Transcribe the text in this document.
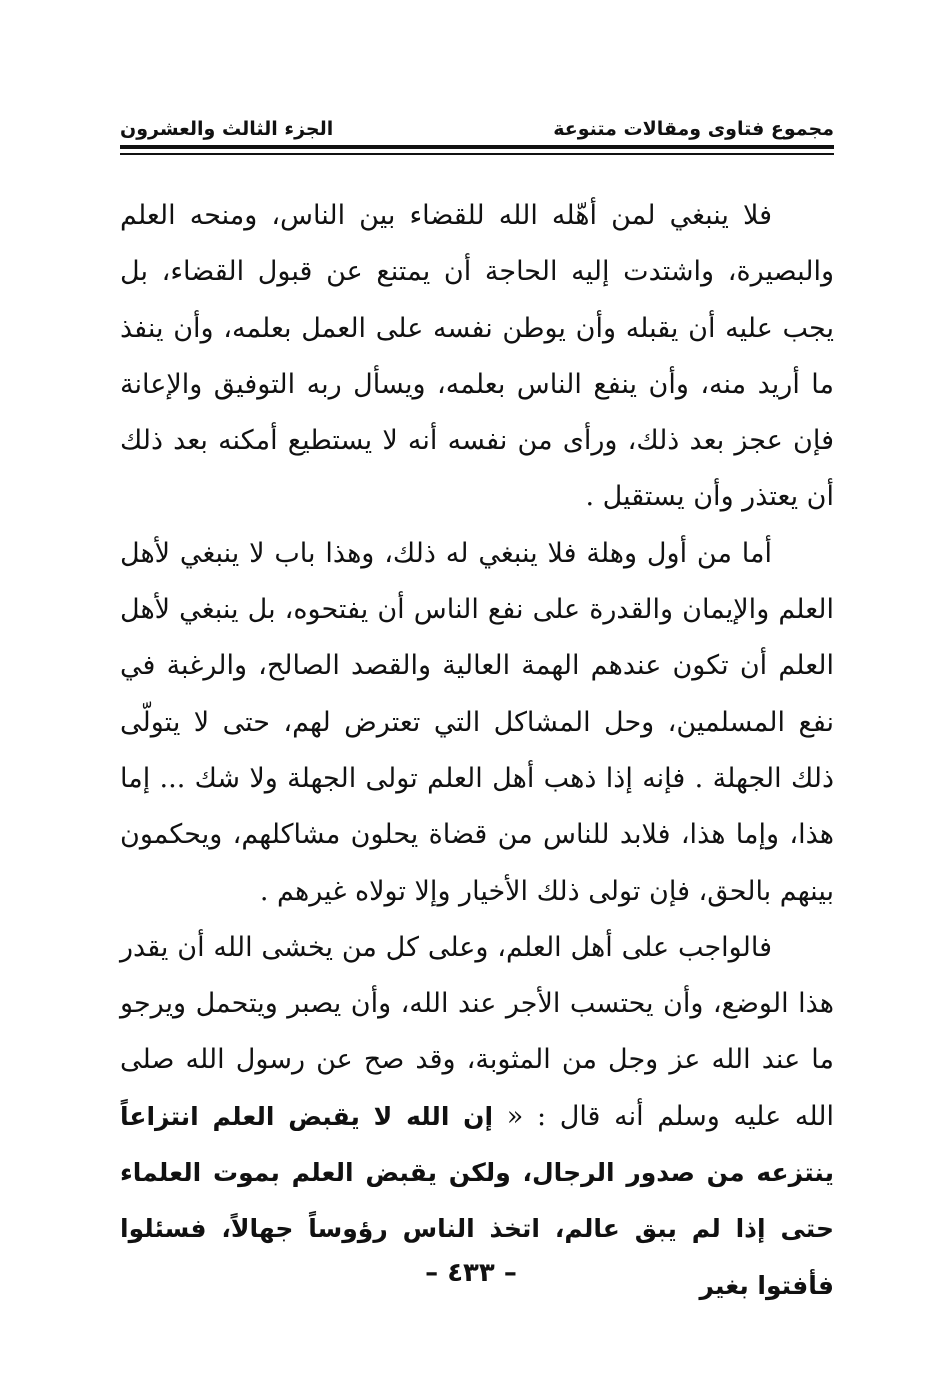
مجموع فتاوى ومقالات متنوعة
الجزء الثالث والعشرون

فلا ينبغي لمن أهّله الله للقضاء بين الناس، ومنحه العلم والبصيرة، واشتدت إليه الحاجة أن يمتنع عن قبول القضاء، بل يجب عليه أن يقبله وأن يوطن نفسه على العمل بعلمه، وأن ينفذ ما أريد منه، وأن ينفع الناس بعلمه، ويسأل ربه التوفيق والإعانة فإن عجز بعد ذلك، ورأى من نفسه أنه لا يستطيع أمكنه بعد ذلك أن يعتذر وأن يستقيل .

أما من أول وهلة فلا ينبغي له ذلك، وهذا باب لا ينبغي لأهل العلم والإيمان والقدرة على نفع الناس أن يفتحوه، بل ينبغي لأهل العلم أن تكون عندهم الهمة العالية والقصد الصالح، والرغبة في نفع المسلمين، وحل المشاكل التي تعترض لهم، حتى لا يتولّى ذلك الجهلة . فإنه إذا ذهب أهل العلم تولى الجهلة ولا شك ... إما هذا، وإما هذا، فلابد للناس من قضاة يحلون مشاكلهم، ويحكمون بينهم بالحق، فإن تولى ذلك الأخيار وإلا تولاه غيرهم .

فالواجب على أهل العلم، وعلى كل من يخشى الله أن يقدر هذا الوضع، وأن يحتسب الأجر عند الله، وأن يصبر ويتحمل ويرجو ما عند الله عز وجل من المثوبة، وقد صح عن رسول الله صلى الله عليه وسلم أنه قال : « إن الله لا يقبض العلم انتزاعاً ينتزعه من صدور الرجال، ولكن يقبض العلم بموت العلماء حتى إذا لم يبق عالم، اتخذ الناس رؤوساً جهالاً، فسئلوا فأفتوا بغير

– ٤٣٣ –
